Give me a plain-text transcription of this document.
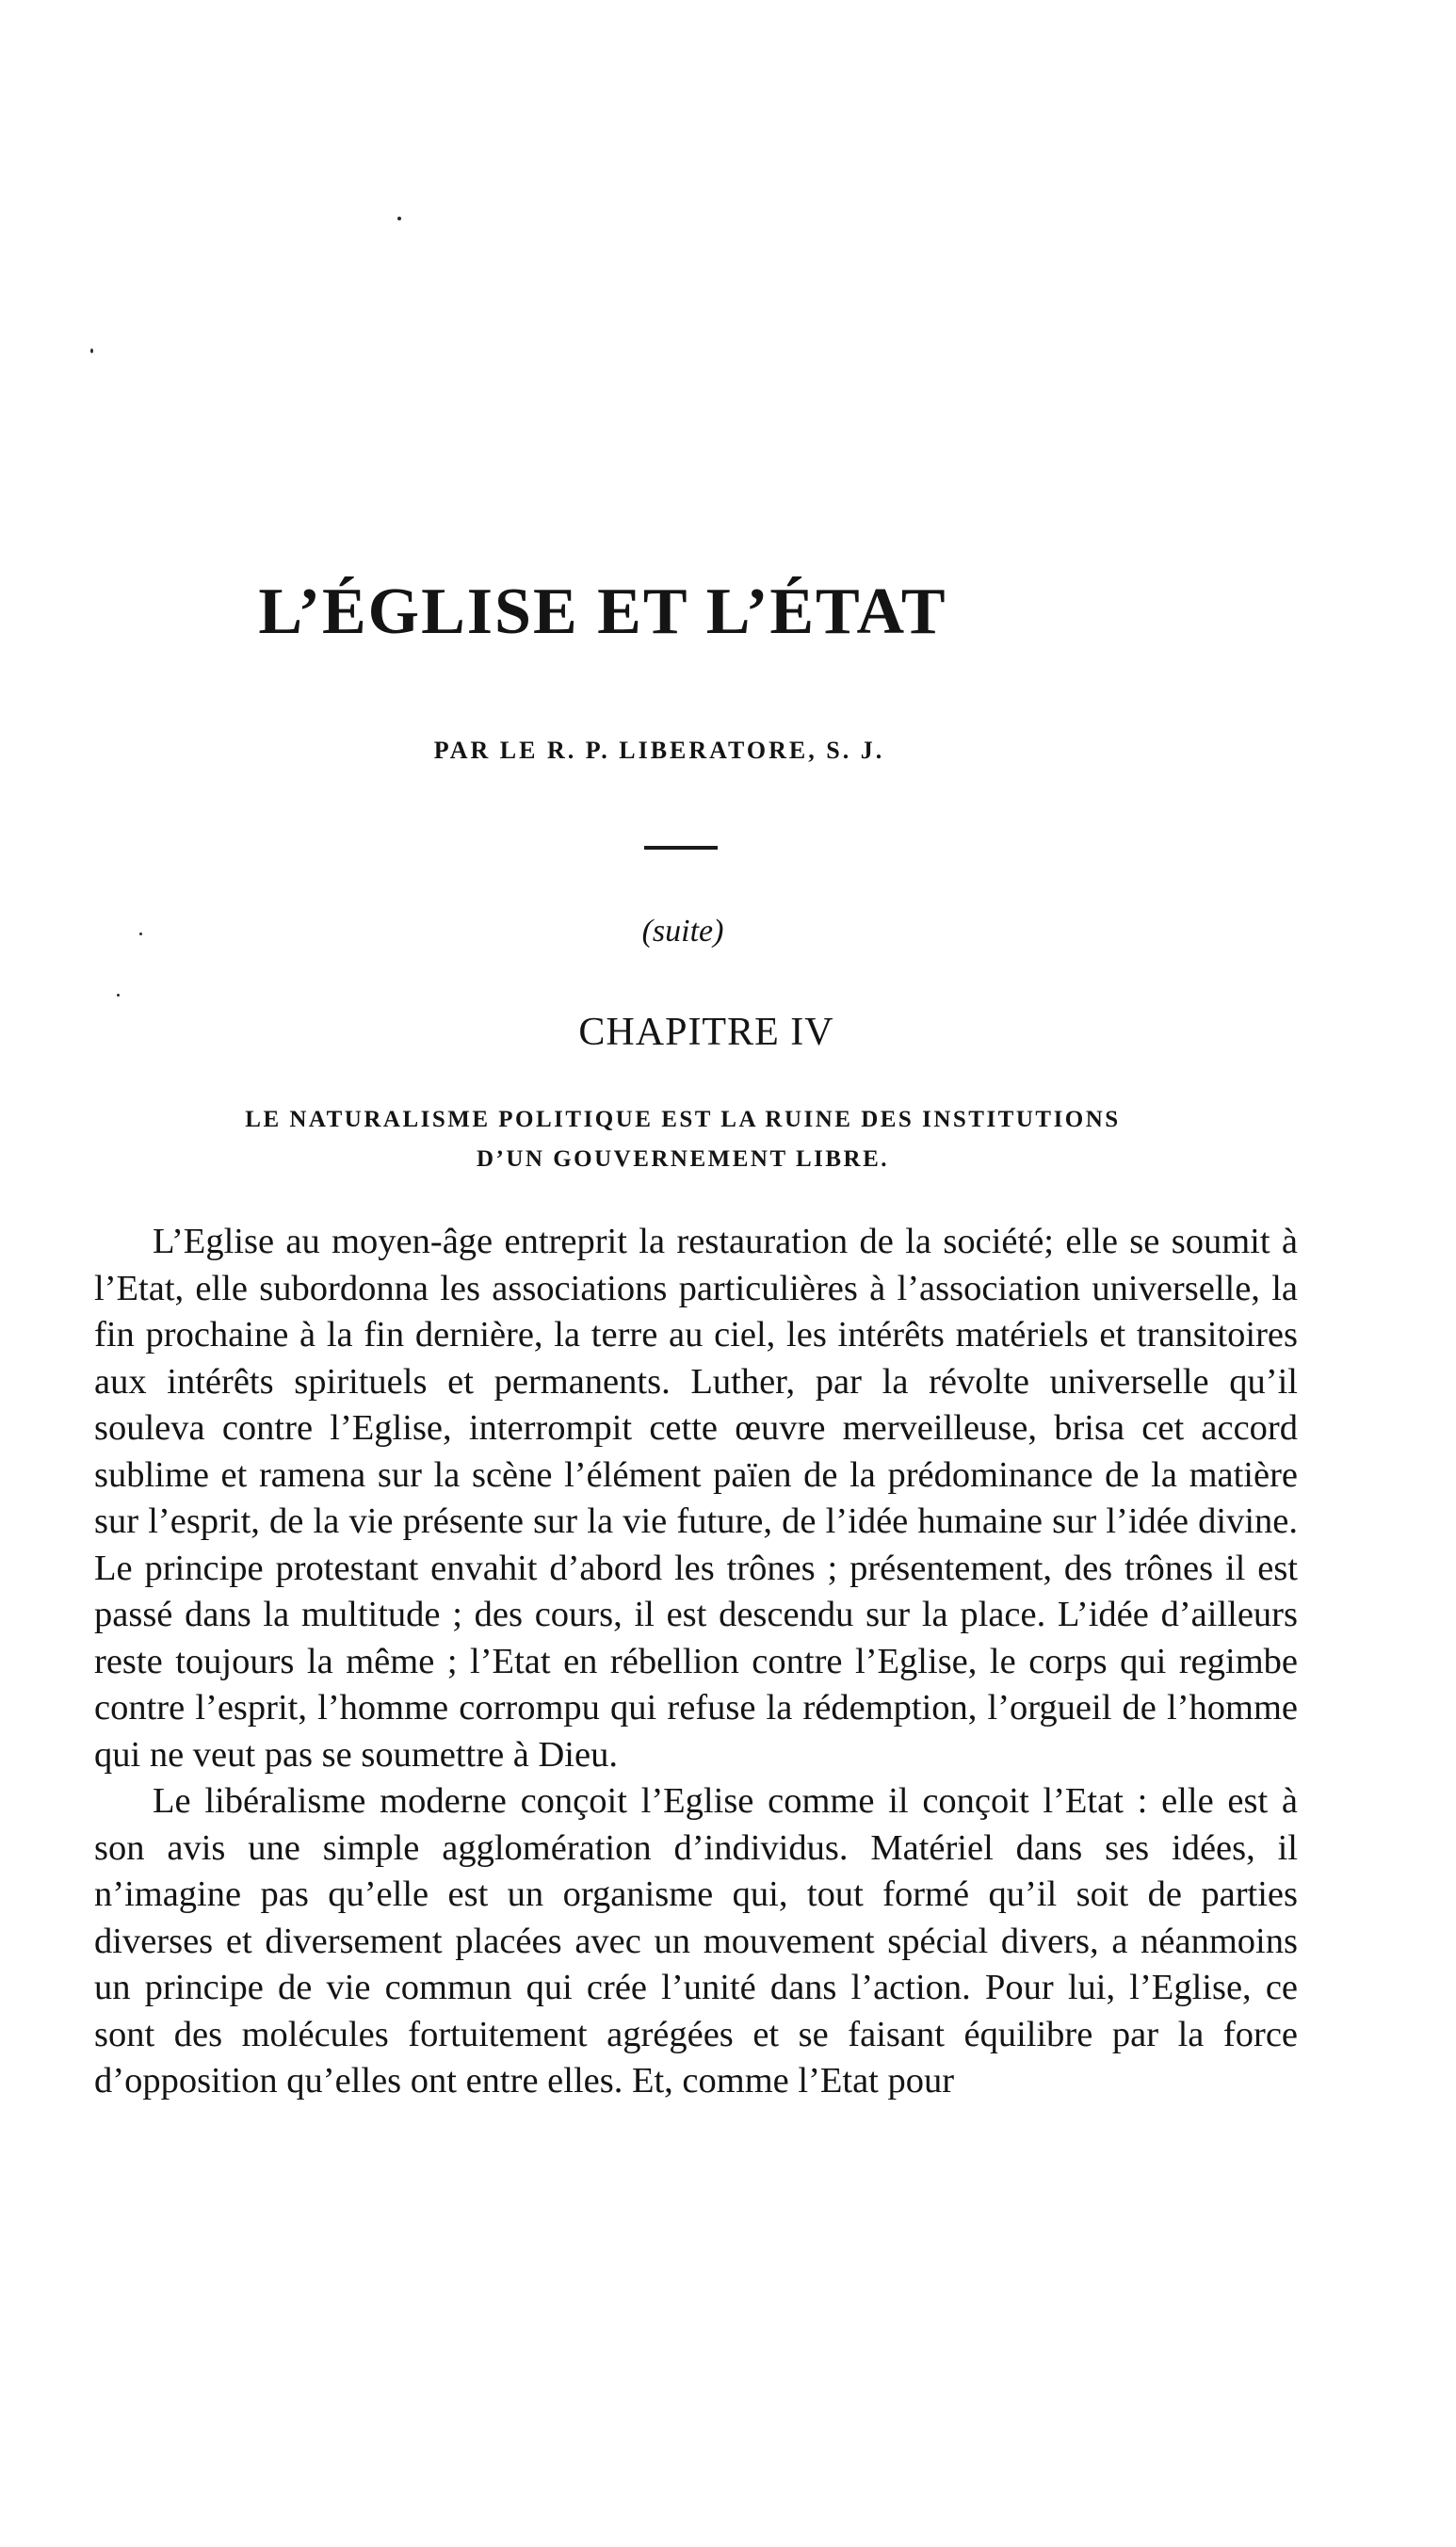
L’ÉGLISE ET L’ÉTAT
PAR LE R. P. LIBERATORE, S. J.
(suite)
CHAPITRE IV
LE NATURALISME POLITIQUE EST LA RUINE DES INSTITUTIONS
D’UN GOUVERNEMENT LIBRE.

L’Eglise au moyen-âge entreprit la restauration de la société; elle se soumit à l’Etat, elle subordonna les associations particulières à l’association universelle, la fin prochaine à la fin dernière, la terre au ciel, les intérêts matériels et transitoires aux intérêts spirituels et permanents. Luther, par la révolte universelle qu’il souleva contre l’Eglise, interrompit cette œuvre merveilleuse, brisa cet accord sublime et ramena sur la scène l’élément païen de la prédominance de la matière sur l’esprit, de la vie présente sur la vie future, de l’idée humaine sur l’idée divine. Le principe protestant envahit d’abord les trônes ; présentement, des trônes il est passé dans la multitude ; des cours, il est descendu sur la place. L’idée d’ailleurs reste toujours la même ; l’Etat en rébellion contre l’Eglise, le corps qui regimbe contre l’esprit, l’homme corrompu qui refuse la rédemption, l’orgueil de l’homme qui ne veut pas se soumettre à Dieu.

Le libéralisme moderne conçoit l’Eglise comme il conçoit l’Etat : elle est à son avis une simple agglomération d’individus. Matériel dans ses idées, il n’imagine pas qu’elle est un organisme qui, tout formé qu’il soit de parties diverses et diversement placées avec un mouvement spécial divers, a néanmoins un principe de vie commun qui crée l’unité dans l’action. Pour lui, l’Eglise, ce sont des molécules fortuitement agrégées et se faisant équilibre par la force d’opposition qu’elles ont entre elles. Et, comme l’Etat pour
